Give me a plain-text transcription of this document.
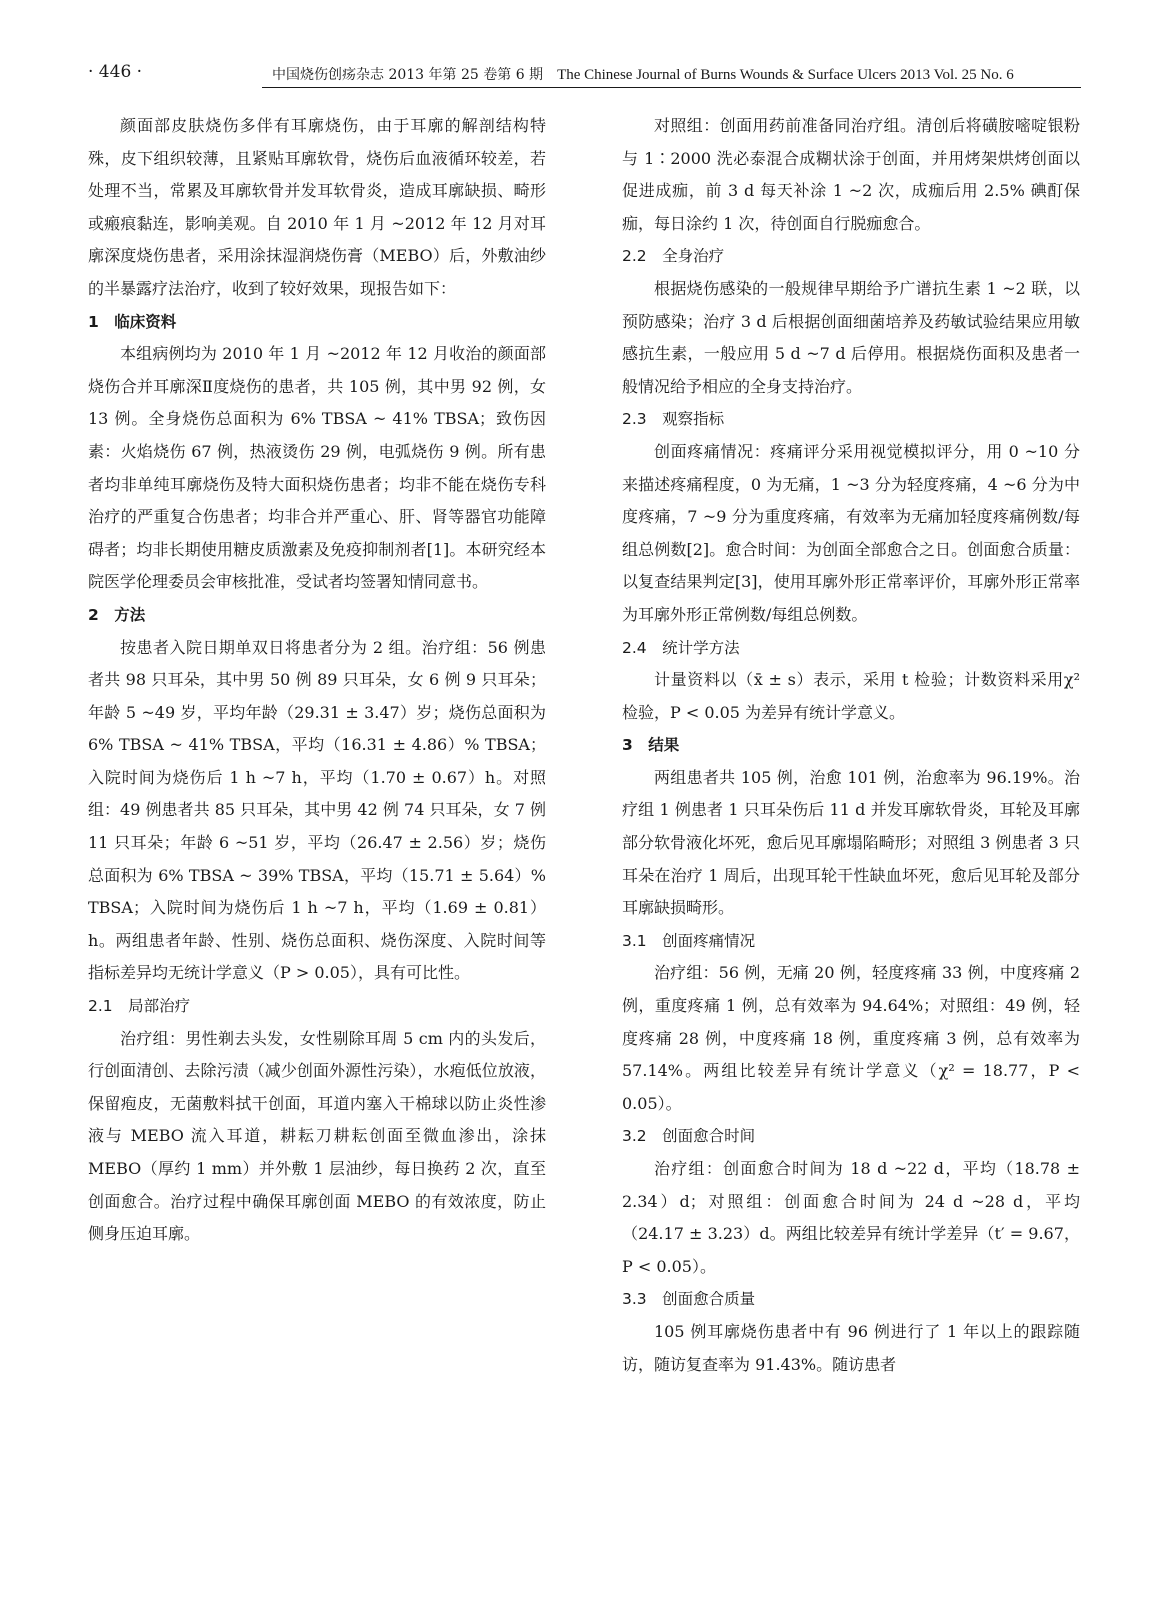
· 446 ·	中国烧伤创疡杂志 2013 年第 25 卷第 6 期　 The Chinese Journal of Burns Wounds & Surface Ulcers 2013 Vol. 25 No. 6

颜面部皮肤烧伤多伴有耳廓烧伤，由于耳廓的解剖结构特殊，皮下组织较薄，且紧贴耳廓软骨，烧伤后血液循环较差，若处理不当，常累及耳廓软骨并发耳软骨炎，造成耳廓缺损、畸形或瘢痕黏连，影响美观。自 2010 年 1 月 ~2012 年 12 月对耳廓深度烧伤患者，采用涂抹湿润烧伤膏（MEBO）后，外敷油纱的半暴露疗法治疗，收到了较好效果，现报告如下：

1　临床资料

本组病例均为 2010 年 1 月 ~2012 年 12 月收治的颜面部烧伤合并耳廓深Ⅱ度烧伤的患者，共 105 例，其中男 92 例，女 13 例。全身烧伤总面积为 6% TBSA ~ 41% TBSA；致伤因素：火焰烧伤 67 例，热液烫伤 29 例，电弧烧伤 9 例。所有患者均非单纯耳廓烧伤及特大面积烧伤患者；均非不能在烧伤专科治疗的严重复合伤患者；均非合并严重心、肝、肾等器官功能障碍者；均非长期使用糖皮质激素及免疫抑制剂者[1]。本研究经本院医学伦理委员会审核批准，受试者均签署知情同意书。

2　方法

按患者入院日期单双日将患者分为 2 组。治疗组：56 例患者共 98 只耳朵，其中男 50 例 89 只耳朵，女 6 例 9 只耳朵；年龄 5 ~49 岁，平均年龄（29.31 ± 3.47）岁；烧伤总面积为 6% TBSA ~ 41% TBSA，平均（16.31 ± 4.86）% TBSA；入院时间为烧伤后 1 h ~7 h，平均（1.70 ± 0.67）h。对照组：49 例患者共 85 只耳朵，其中男 42 例 74 只耳朵，女 7 例 11 只耳朵；年龄 6 ~51 岁，平均（26.47 ± 2.56）岁；烧伤总面积为 6% TBSA ~ 39% TBSA，平均（15.71 ± 5.64）% TBSA；入院时间为烧伤后 1 h ~7 h，平均（1.69 ± 0.81）h。两组患者年龄、性别、烧伤总面积、烧伤深度、入院时间等指标差异均无统计学意义（P > 0.05），具有可比性。

2.1　局部治疗

治疗组：男性剃去头发，女性剔除耳周 5 cm 内的头发后，行创面清创、去除污渍（减少创面外源性污染），水疱低位放液，保留疱皮，无菌敷料拭干创面，耳道内塞入干棉球以防止炎性渗液与 MEBO 流入耳道，耕耘刀耕耘创面至微血渗出，涂抹 MEBO（厚约 1 mm）并外敷 1 层油纱，每日换药 2 次，直至创面愈合。治疗过程中确保耳廓创面 MEBO 的有效浓度，防止侧身压迫耳廓。

对照组：创面用药前准备同治疗组。清创后将磺胺嘧啶银粉与 1∶2000 洗必泰混合成糊状涂于创面，并用烤架烘烤创面以促进成痂，前 3 d 每天补涂 1 ~2 次，成痂后用 2.5% 碘酊保痂，每日涂约 1 次，待创面自行脱痂愈合。

2.2　全身治疗

根据烧伤感染的一般规律早期给予广谱抗生素 1 ~2 联，以预防感染；治疗 3 d 后根据创面细菌培养及药敏试验结果应用敏感抗生素，一般应用 5 d ~7 d 后停用。根据烧伤面积及患者一般情况给予相应的全身支持治疗。

2.3　观察指标

创面疼痛情况：疼痛评分采用视觉模拟评分，用 0 ~10 分来描述疼痛程度，0 为无痛，1 ~3 分为轻度疼痛，4 ~6 分为中度疼痛，7 ~9 分为重度疼痛，有效率为无痛加轻度疼痛例数/每组总例数[2]。愈合时间：为创面全部愈合之日。创面愈合质量：以复查结果判定[3]，使用耳廓外形正常率评价，耳廓外形正常率为耳廓外形正常例数/每组总例数。

2.4　统计学方法

计量资料以（x̄ ± s）表示，采用 t 检验；计数资料采用χ² 检验，P < 0.05 为差异有统计学意义。

3　结果

两组患者共 105 例，治愈 101 例，治愈率为 96.19%。治疗组 1 例患者 1 只耳朵伤后 11 d 并发耳廓软骨炎，耳轮及耳廓部分软骨液化坏死，愈后见耳廓塌陷畸形；对照组 3 例患者 3 只耳朵在治疗 1 周后，出现耳轮干性缺血坏死，愈后见耳轮及部分耳廓缺损畸形。

3.1　创面疼痛情况

治疗组：56 例，无痛 20 例，轻度疼痛 33 例，中度疼痛 2 例，重度疼痛 1 例，总有效率为 94.64%；对照组：49 例，轻度疼痛 28 例，中度疼痛 18 例，重度疼痛 3 例，总有效率为 57.14%。两组比较差异有统计学意义（χ² = 18.77，P < 0.05）。

3.2　创面愈合时间

治疗组：创面愈合时间为 18 d ~22 d，平均（18.78 ± 2.34）d；对照组：创面愈合时间为 24 d ~28 d，平均（24.17 ± 3.23）d。两组比较差异有统计学差异（t′ = 9.67，P < 0.05）。

3.3　创面愈合质量

105 例耳廓烧伤患者中有 96 例进行了 1 年以上的跟踪随访，随访复查率为 91.43%。随访患者
